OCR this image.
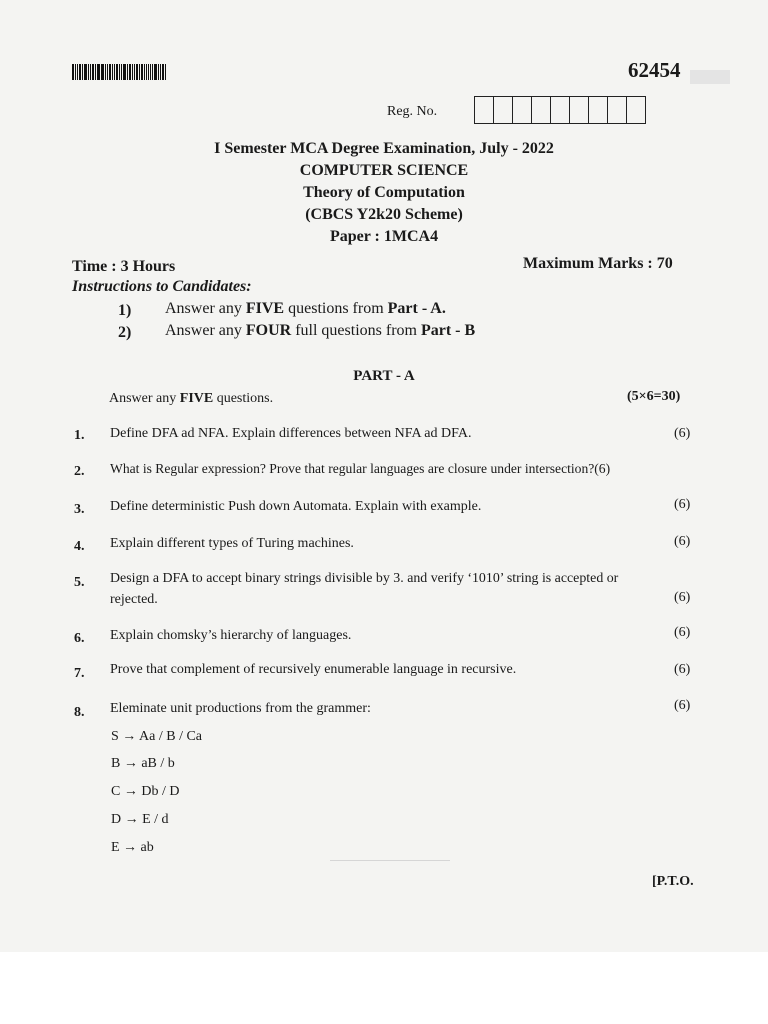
62454
Reg. No.
I Semester MCA Degree Examination, July - 2022
COMPUTER SCIENCE
Theory of Computation
(CBCS Y2k20 Scheme)
Paper : 1MCA4
Time : 3 Hours	Maximum Marks : 70
Instructions to Candidates:
1) Answer any FIVE questions from Part - A.
2) Answer any FOUR full questions from Part - B
PART - A
Answer any FIVE questions.	(5×6=30)
1. Define DFA ad NFA. Explain differences between NFA ad DFA.	(6)
2. What is Regular expression? Prove that regular languages are closure under intersection?(6)
3. Define deterministic Push down Automata. Explain with example.	(6)
4. Explain different types of Turing machines.	(6)
5. Design a DFA to accept binary strings divisible by 3. and verify ‘1010’ string is accepted or
rejected.	(6)
6. Explain chomsky’s hierarchy of languages.	(6)
7. Prove that complement of recursively enumerable language in recursive.	(6)
8. Eleminate unit productions from the grammer:	(6)
S → Aa / B / Ca
B → aB / b
C → Db / D
D → E / d
E → ab
[P.T.O.
